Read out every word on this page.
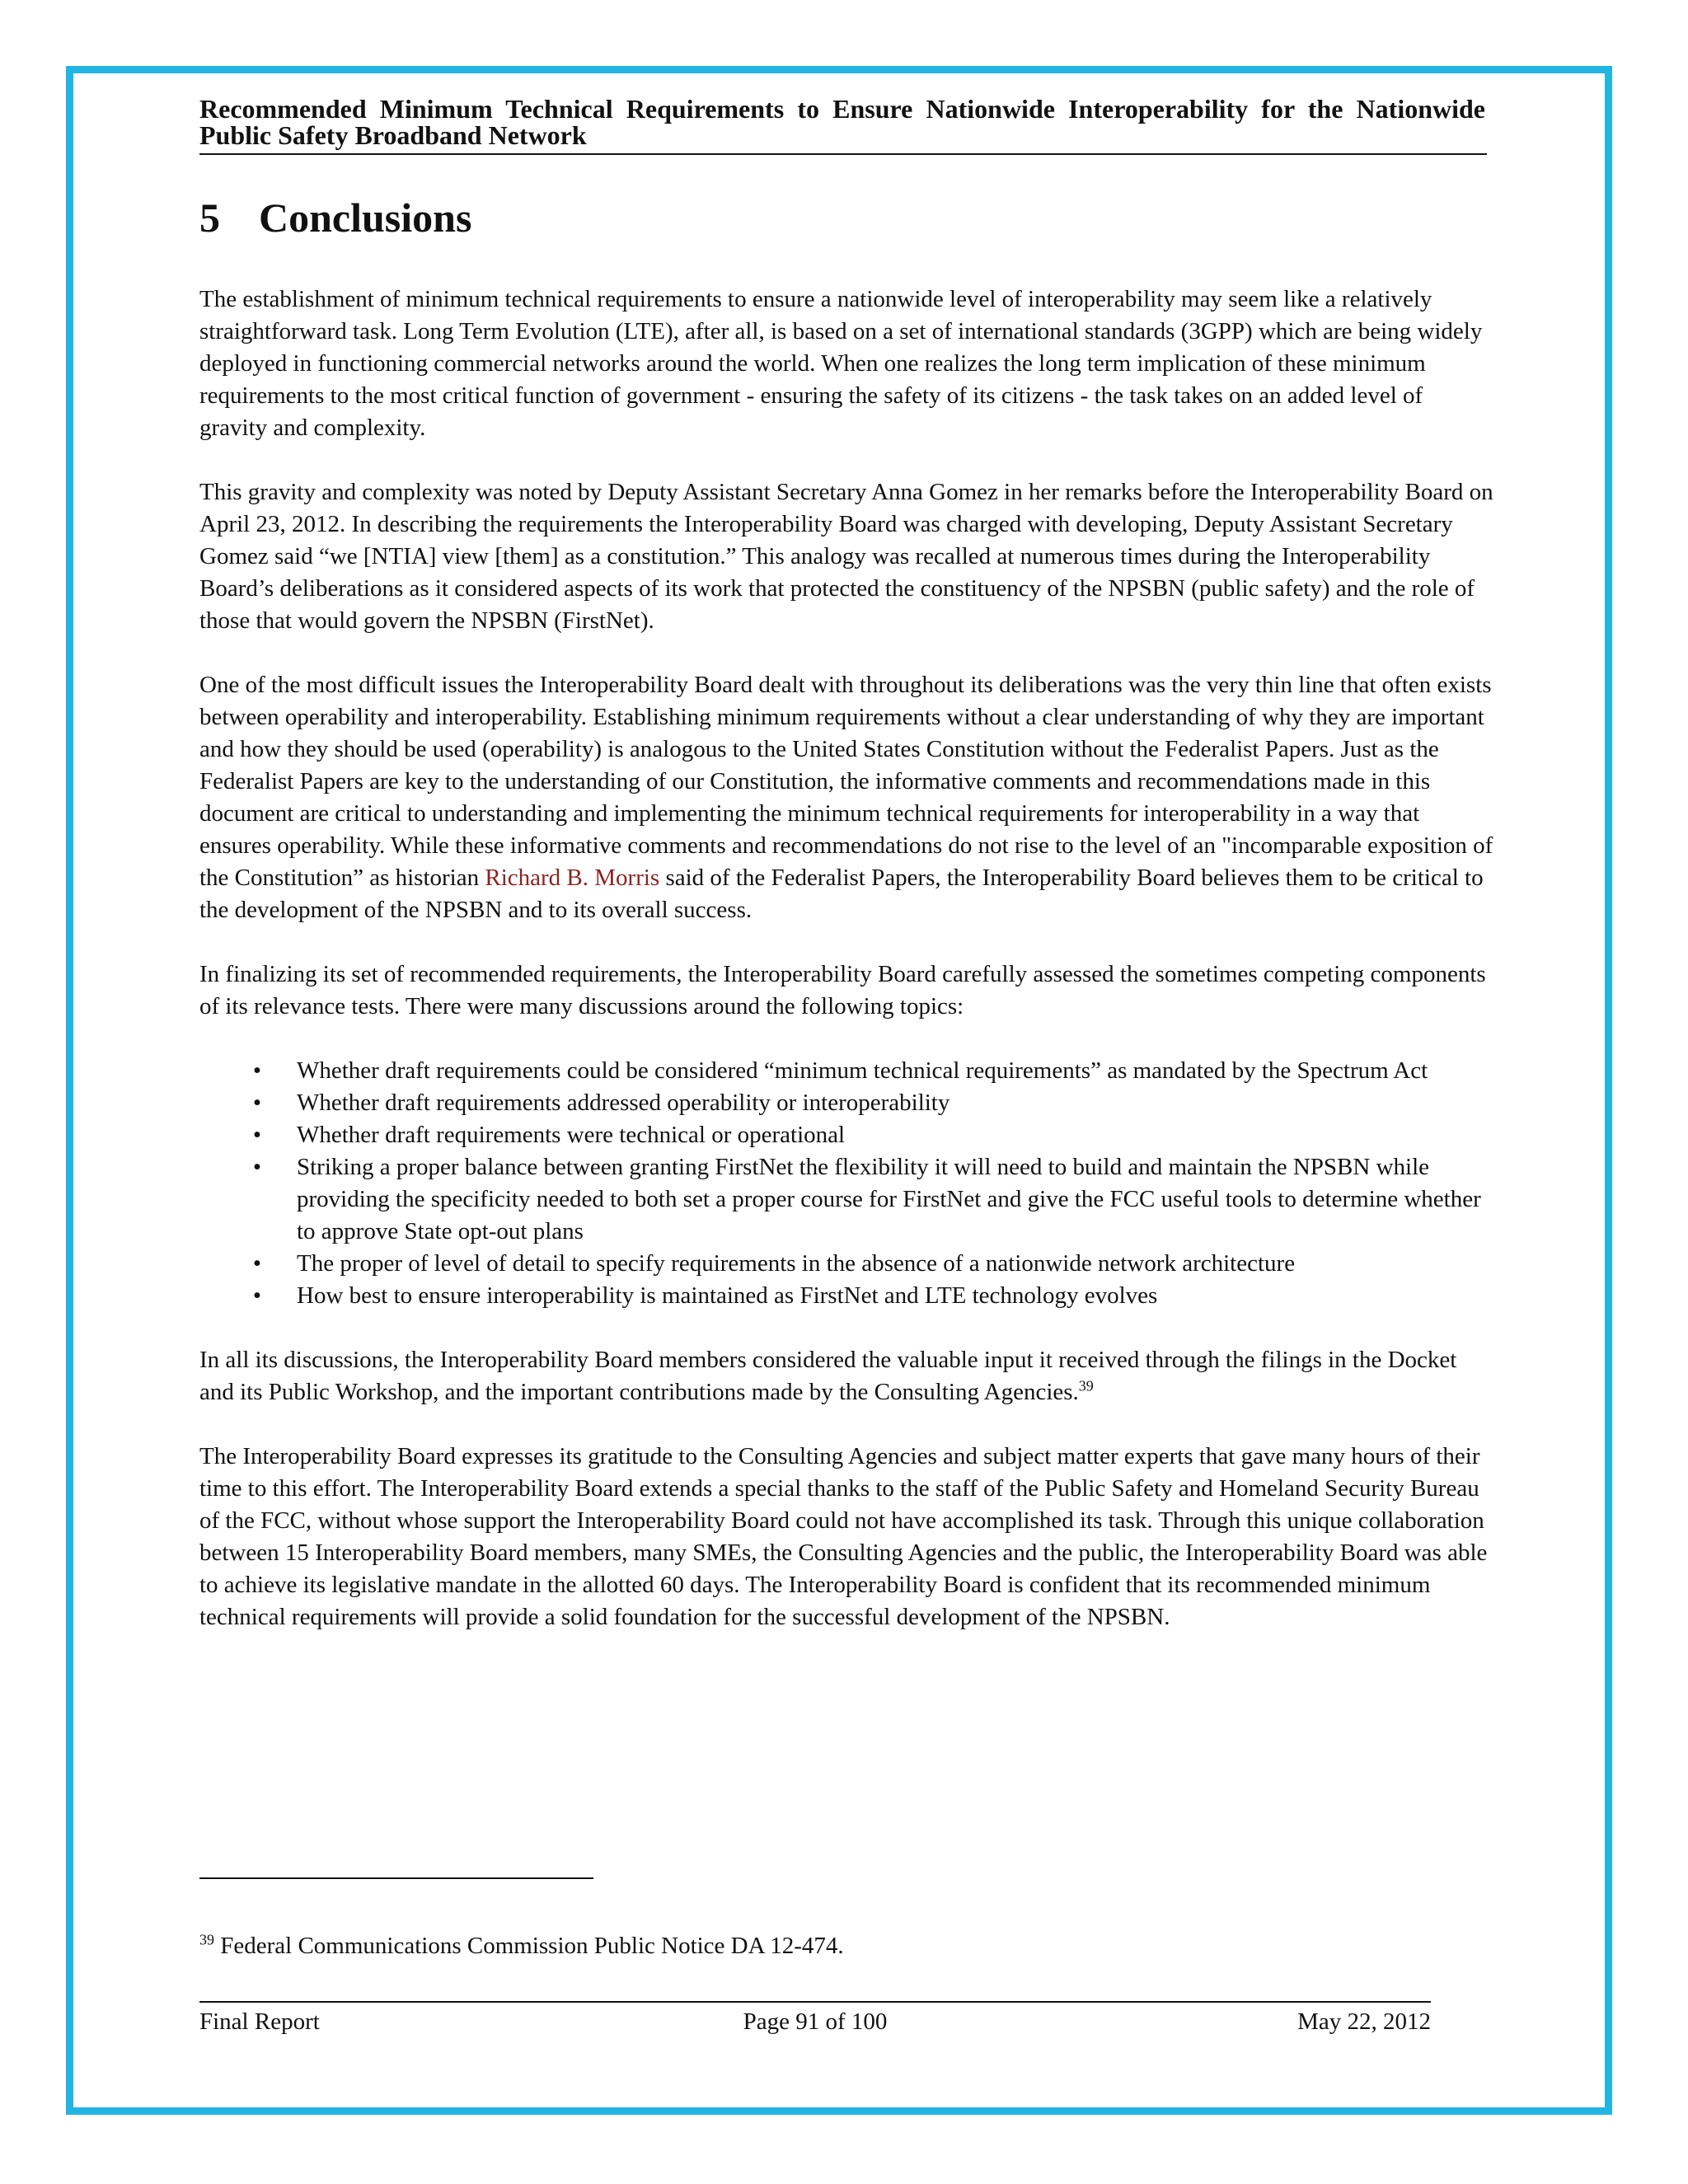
Recommended Minimum Technical Requirements to Ensure Nationwide Interoperability for the Nationwide Public Safety Broadband Network
5 Conclusions

The establishment of minimum technical requirements to ensure a nationwide level of interoperability may seem like a relatively straightforward task. Long Term Evolution (LTE), after all, is based on a set of international standards (3GPP) which are being widely deployed in functioning commercial networks around the world. When one realizes the long term implication of these minimum requirements to the most critical function of government - ensuring the safety of its citizens - the task takes on an added level of gravity and complexity.

This gravity and complexity was noted by Deputy Assistant Secretary Anna Gomez in her remarks before the Interoperability Board on April 23, 2012. In describing the requirements the Interoperability Board was charged with developing, Deputy Assistant Secretary Gomez said “we [NTIA] view [them] as a constitution.” This analogy was recalled at numerous times during the Interoperability Board’s deliberations as it considered aspects of its work that protected the constituency of the NPSBN (public safety) and the role of those that would govern the NPSBN (FirstNet).

One of the most difficult issues the Interoperability Board dealt with throughout its deliberations was the very thin line that often exists between operability and interoperability. Establishing minimum requirements without a clear understanding of why they are important and how they should be used (operability) is analogous to the United States Constitution without the Federalist Papers. Just as the Federalist Papers are key to the understanding of our Constitution, the informative comments and recommendations made in this document are critical to understanding and implementing the minimum technical requirements for interoperability in a way that ensures operability. While these informative comments and recommendations do not rise to the level of an "incomparable exposition of the Constitution” as historian Richard B. Morris said of the Federalist Papers, the Interoperability Board believes them to be critical to the development of the NPSBN and to its overall success.

In finalizing its set of recommended requirements, the Interoperability Board carefully assessed the sometimes competing components of its relevance tests. There were many discussions around the following topics:

• Whether draft requirements could be considered “minimum technical requirements” as mandated by the Spectrum Act
• Whether draft requirements addressed operability or interoperability
• Whether draft requirements were technical or operational
• Striking a proper balance between granting FirstNet the flexibility it will need to build and maintain the NPSBN while providing the specificity needed to both set a proper course for FirstNet and give the FCC useful tools to determine whether to approve State opt-out plans
• The proper of level of detail to specify requirements in the absence of a nationwide network architecture
• How best to ensure interoperability is maintained as FirstNet and LTE technology evolves

In all its discussions, the Interoperability Board members considered the valuable input it received through the filings in the Docket and its Public Workshop, and the important contributions made by the Consulting Agencies.$^{39}$

The Interoperability Board expresses its gratitude to the Consulting Agencies and subject matter experts that gave many hours of their time to this effort. The Interoperability Board extends a special thanks to the staff of the Public Safety and Homeland Security Bureau of the FCC, without whose support the Interoperability Board could not have accomplished its task. Through this unique collaboration between 15 Interoperability Board members, many SMEs, the Consulting Agencies and the public, the Interoperability Board was able to achieve its legislative mandate in the allotted 60 days. The Interoperability Board is confident that its recommended minimum technical requirements will provide a solid foundation for the successful development of the NPSBN.

$^{39}$ Federal Communications Commission Public Notice DA 12-474.
Final Report	Page 91 of 100	May 22, 2012
